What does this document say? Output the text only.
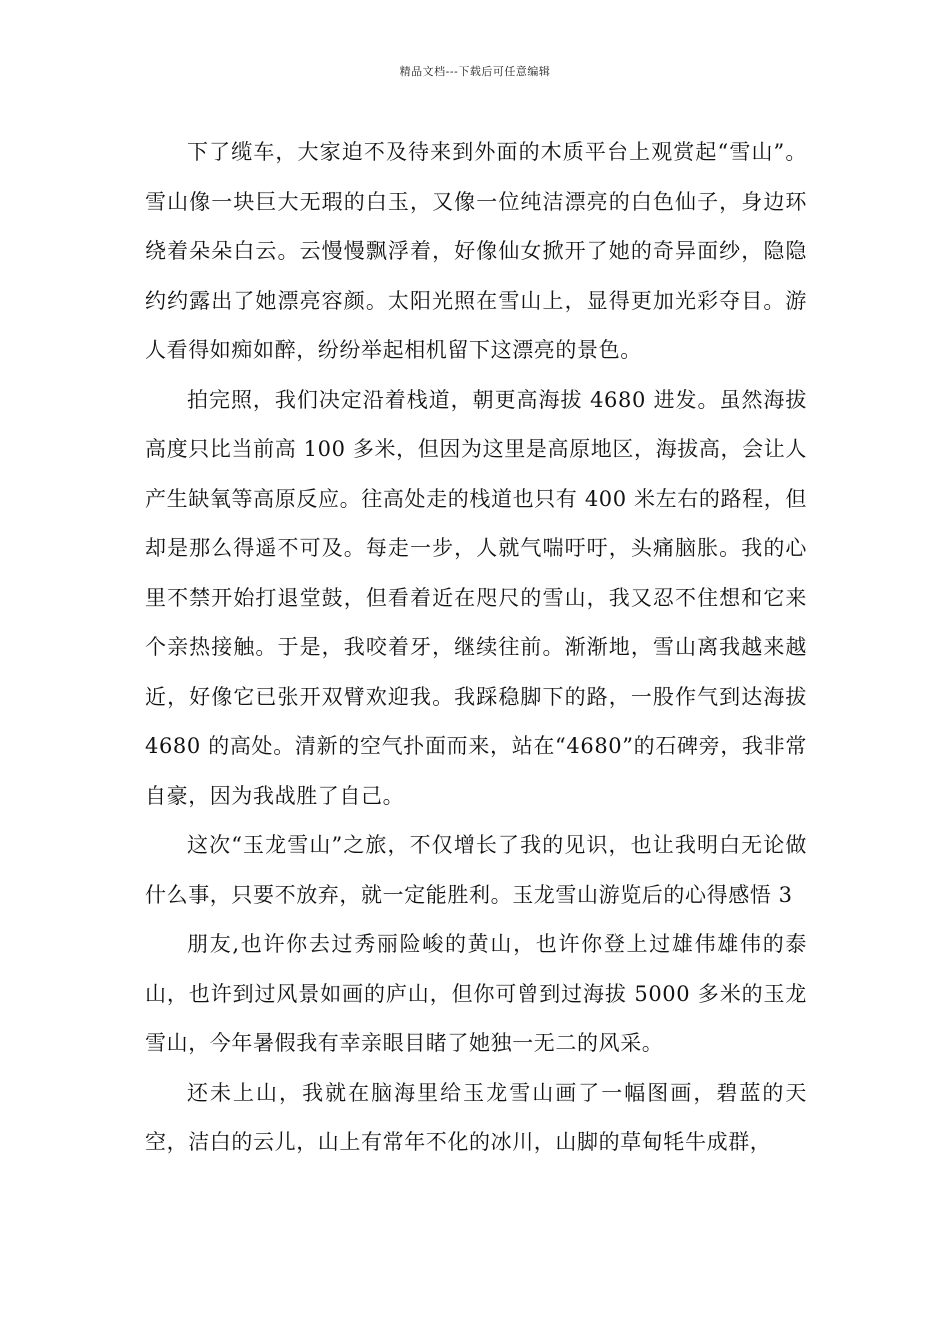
精品文档---下载后可任意编辑

下了缆车，大家迫不及待来到外面的木质平台上观赏起“雪山”。雪山像一块巨大无瑕的白玉，又像一位纯洁漂亮的白色仙子，身边环绕着朵朵白云。云慢慢飘浮着，好像仙女掀开了她的奇异面纱，隐隐约约露出了她漂亮容颜。太阳光照在雪山上，显得更加光彩夺目。游人看得如痴如醉，纷纷举起相机留下这漂亮的景色。

拍完照，我们决定沿着栈道，朝更高海拔 4680 进发。虽然海拔高度只比当前高 100 多米，但因为这里是高原地区，海拔高，会让人产生缺氧等高原反应。往高处走的栈道也只有 400 米左右的路程，但却是那么得遥不可及。每走一步，人就气喘吁吁，头痛脑胀。我的心里不禁开始打退堂鼓，但看着近在咫尺的雪山，我又忍不住想和它来个亲热接触。于是，我咬着牙，继续往前。渐渐地，雪山离我越来越近，好像它已张开双臂欢迎我。我踩稳脚下的路，一股作气到达海拔 4680 的高处。清新的空气扑面而来，站在“4680”的石碑旁，我非常自豪，因为我战胜了自己。

这次“玉龙雪山”之旅，不仅增长了我的见识，也让我明白无论做什么事，只要不放弃，就一定能胜利。玉龙雪山游览后的心得感悟 3

朋友,也许你去过秀丽险峻的黄山，也许你登上过雄伟雄伟的泰山，也许到过风景如画的庐山，但你可曾到过海拔 5000 多米的玉龙雪山，今年暑假我有幸亲眼目睹了她独一无二的风采。

还未上山，我就在脑海里给玉龙雪山画了一幅图画，碧蓝的天空，洁白的云儿，山上有常年不化的冰川，山脚的草甸牦牛成群，
